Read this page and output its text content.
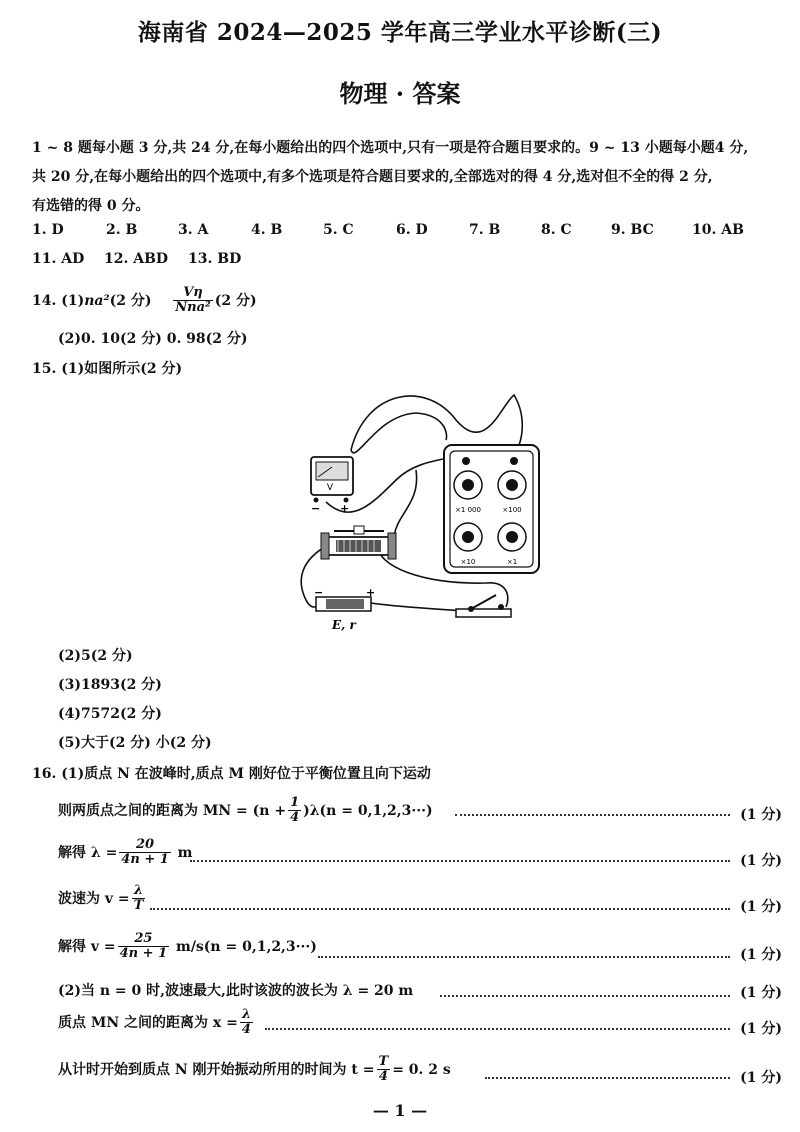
海南省 2024—2025 学年高三学业水平诊断(三)
物理 · 答案
1 ~ 8 题每小题 3 分,共 24 分,在每小题给出的四个选项中,只有一项是符合题目要求的。9 ~ 13 小题每小题4 分,
共 20 分,在每小题给出的四个选项中,有多个选项是符合题目要求的,全部选对的得 4 分,选对但不全的得 2 分,
有选错的得 0 分。
1. D	2. B	3. A	4. B	5. C	6. D	7. B	8. C	9. BC	10. AB
11. AD 12. ABD 13. BD
14. (1)na²(2 分) $\frac{V\eta}{\text{Nna²}} (2$ 分)
(2)0. 10(2 分) 0. 98(2 分)
15. (1)如图所示(2 分)
V
− +
−	+
E, r
×1 000	×100
×10	×1
(2)5(2 分)
(3)1893(2 分)
(4)7572(2 分)
(5)大于(2 分) 小(2 分)
16. (1)质点 N 在波峰时,质点 M 刚好位于平衡位置且向下运动
则两质点之间的距离为 MN = $(n + \frac{1}{4} )\lambda(n = 0,1,2,3\cdot\cdot\cdot)$	(1 分)
解得 $\lambda = \frac{20}{4n + 1}$ m
(1 分)
波速为 $v = \frac{\lambda}{T}$	(1 分)
解得 $v = \frac{25}{4n + 1} m/s(n = 0,1,2,3\cdot\cdot\cdot)$
(1 分)
(2)当 n = 0 时,波速最大,此时该波的波长为 λ = 20 m	(1 分)
质点 MN 之间的距离为 $x = \frac{\lambda}{4}$	(1 分)
从计时开始到质点 N 刚开始振动所用的时间为 $t = \frac{T}{4} = 0$. 2 s
(1 分)
— 1 —
